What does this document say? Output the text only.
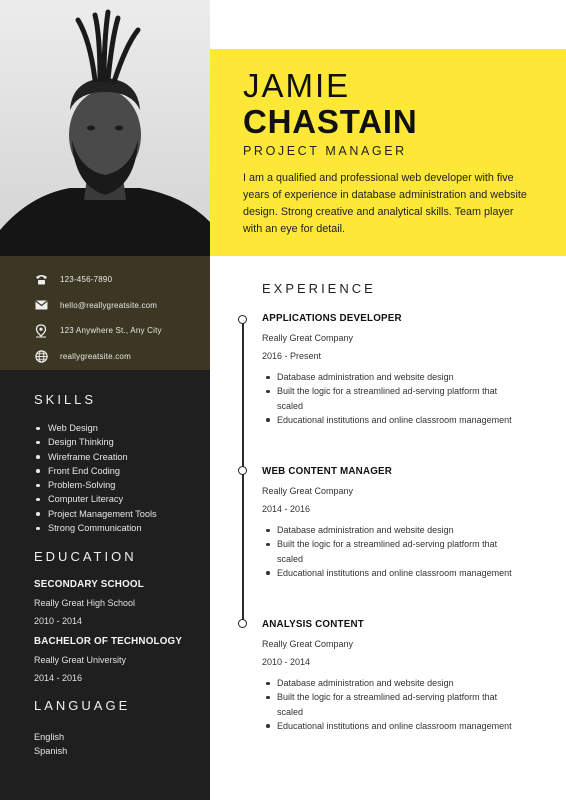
123-456-7890
hello@reallygreatsite.com
123 Anywhere St., Any City
reallygreatsite.com
SKILLS
Web Design
Design Thinking
Wireframe Creation
Front End Coding
Problem-Solving
Computer Literacy
Project Management Tools
Strong Communication
EDUCATION
SECONDARY SCHOOL
Really Great High School
2010 - 2014
BACHELOR OF TECHNOLOGY
Really Great University
2014 - 2016
LANGUAGE
English
Spanish
JAMIE
CHASTAIN
PROJECT MANAGER
I am a qualified and professional web developer with five years of experience in database administration and website design. Strong creative and analytical skills. Team player with an eye for detail.
EXPERIENCE
APPLICATIONS DEVELOPER
Really Great Company
2016 - Present
Database administration and website design
Built the logic for a streamlined ad-serving platform that scaled
Educational institutions and online classroom management
WEB CONTENT MANAGER
Really Great Company
2014 - 2016
Database administration and website design
Built the logic for a streamlined ad-serving platform that scaled
Educational institutions and online classroom management
ANALYSIS CONTENT
Really Great Company
2010 - 2014
Database administration and website design
Built the logic for a streamlined ad-serving platform that scaled
Educational institutions and online classroom management
